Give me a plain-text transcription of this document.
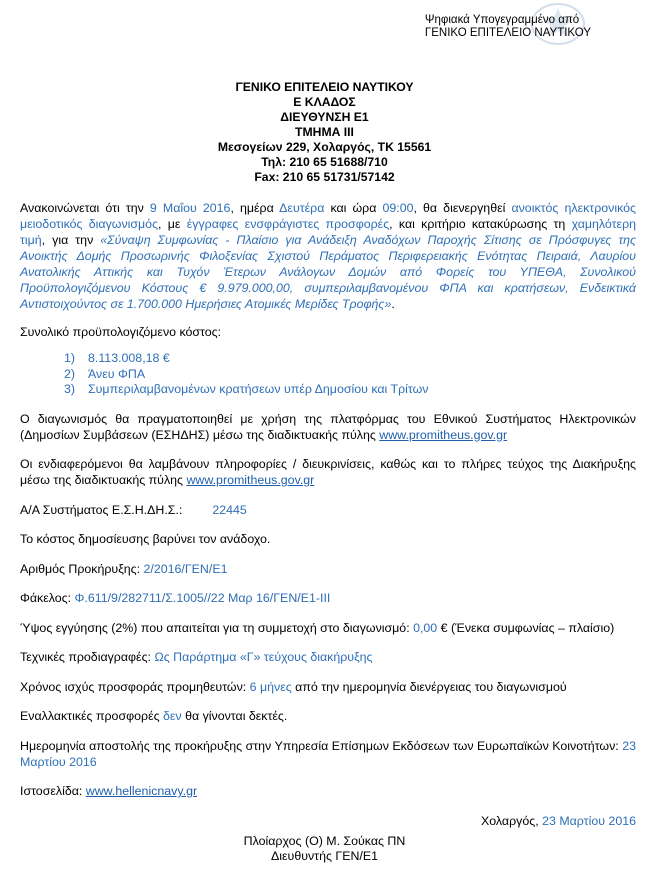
Ψηφιακά Υπογεγραμμένο από
ΓΕΝΙΚΟ ΕΠΙΤΕΛΕΙΟ ΝΑΥΤΙΚΟΥ
ΓΕΝΙΚΟ ΕΠΙΤΕΛΕΙΟ ΝΑΥΤΙΚΟΥ
Ε ΚΛΑΔΟΣ
ΔΙΕΥΘΥΝΣΗ Ε1
ΤΜΗΜΑ ΙΙΙ
Μεσογείων 229, Χολαργός, ΤΚ 15561
Τηλ: 210 65 51688/710
Fax: 210 65 51731/57142

Ανακοινώνεται ότι την 9 Μαΐου 2016, ημέρα Δευτέρα και ώρα 09:00, θα διενεργηθεί ανοικτός ηλεκτρονικός μειοδοτικός διαγωνισμός, με έγγραφες ενσφράγιστες προσφορές, και κριτήριο κατακύρωσης τη χαμηλότερη τιμή, για την «Σύναψη Συμφωνίας - Πλαίσιο για Ανάδειξη Αναδόχων Παροχής Σίτισης σε Πρόσφυγες της Ανοικτής Δομής Προσωρινής Φιλοξενίας Σχιστού Περάματος Περιφερειακής Ενότητας Πειραιά, Λαυρίου Ανατολικής Αττικής και Τυχόν Έτερων Ανάλογων Δομών από Φορείς του ΥΠΕΘΑ, Συνολικού Προϋπολογιζόμενου Κόστους € 9.979.000,00, συμπεριλαμβανομένου ΦΠΑ και κρατήσεων, Ενδεικτικά Αντιστοιχούντος σε 1.700.000 Ημερήσιες Ατομικές Μερίδες Τροφής».

Συνολικό προϋπολογιζόμενο κόστος:

1) 8.113.008,18 €
2) Άνευ ΦΠΑ
3) Συμπεριλαμβανομένων κρατήσεων υπέρ Δημοσίου και Τρίτων

Ο διαγωνισμός θα πραγματοποιηθεί με χρήση της πλατφόρμας του Εθνικού Συστήματος Ηλεκτρονικών (Δημοσίων Συμβάσεων (ΕΣΗΔΗΣ) μέσω της διαδικτυακής πύλης www.promitheus.gov.gr

Οι ενδιαφερόμενοι θα λαμβάνουν πληροφορίες / διευκρινίσεις, καθώς και το πλήρες τεύχος της Διακήρυξης μέσω της διαδικτυακής πύλης www.promitheus.gov.gr

Α/Α Συστήματος Ε.Σ.Η.ΔΗ.Σ.: 22445

Το κόστος δημοσίευσης βαρύνει τον ανάδοχο.

Αριθμός Προκήρυξης: 2/2016/ΓΕΝ/Ε1

Φάκελος: Φ.611/9/282711/Σ.1005//22 Μαρ 16/ΓΕΝ/Ε1-ΙΙΙ

Ύψος εγγύησης (2%) που απαιτείται για τη συμμετοχή στο διαγωνισμό: 0,00 € (Ένεκα συμφωνίας – πλαίσιο)

Τεχνικές προδιαγραφές: Ως Παράρτημα «Γ» τεύχους διακήρυξης

Χρόνος ισχύς προσφοράς προμηθευτών: 6 μήνες από την ημερομηνία διενέργειας του διαγωνισμού

Εναλλακτικές προσφορές δεν θα γίνονται δεκτές.

Ημερομηνία αποστολής της προκήρυξης στην Υπηρεσία Επίσημων Εκδόσεων των Ευρωπαϊκών Κοινοτήτων: 23 Μαρτίου 2016

Ιστοσελίδα: www.hellenicnavy.gr

Χολαργός, 23 Μαρτίου 2016

Πλοίαρχος (Ο) Μ. Σούκας ΠΝ
Διευθυντής ΓΕΝ/Ε1
